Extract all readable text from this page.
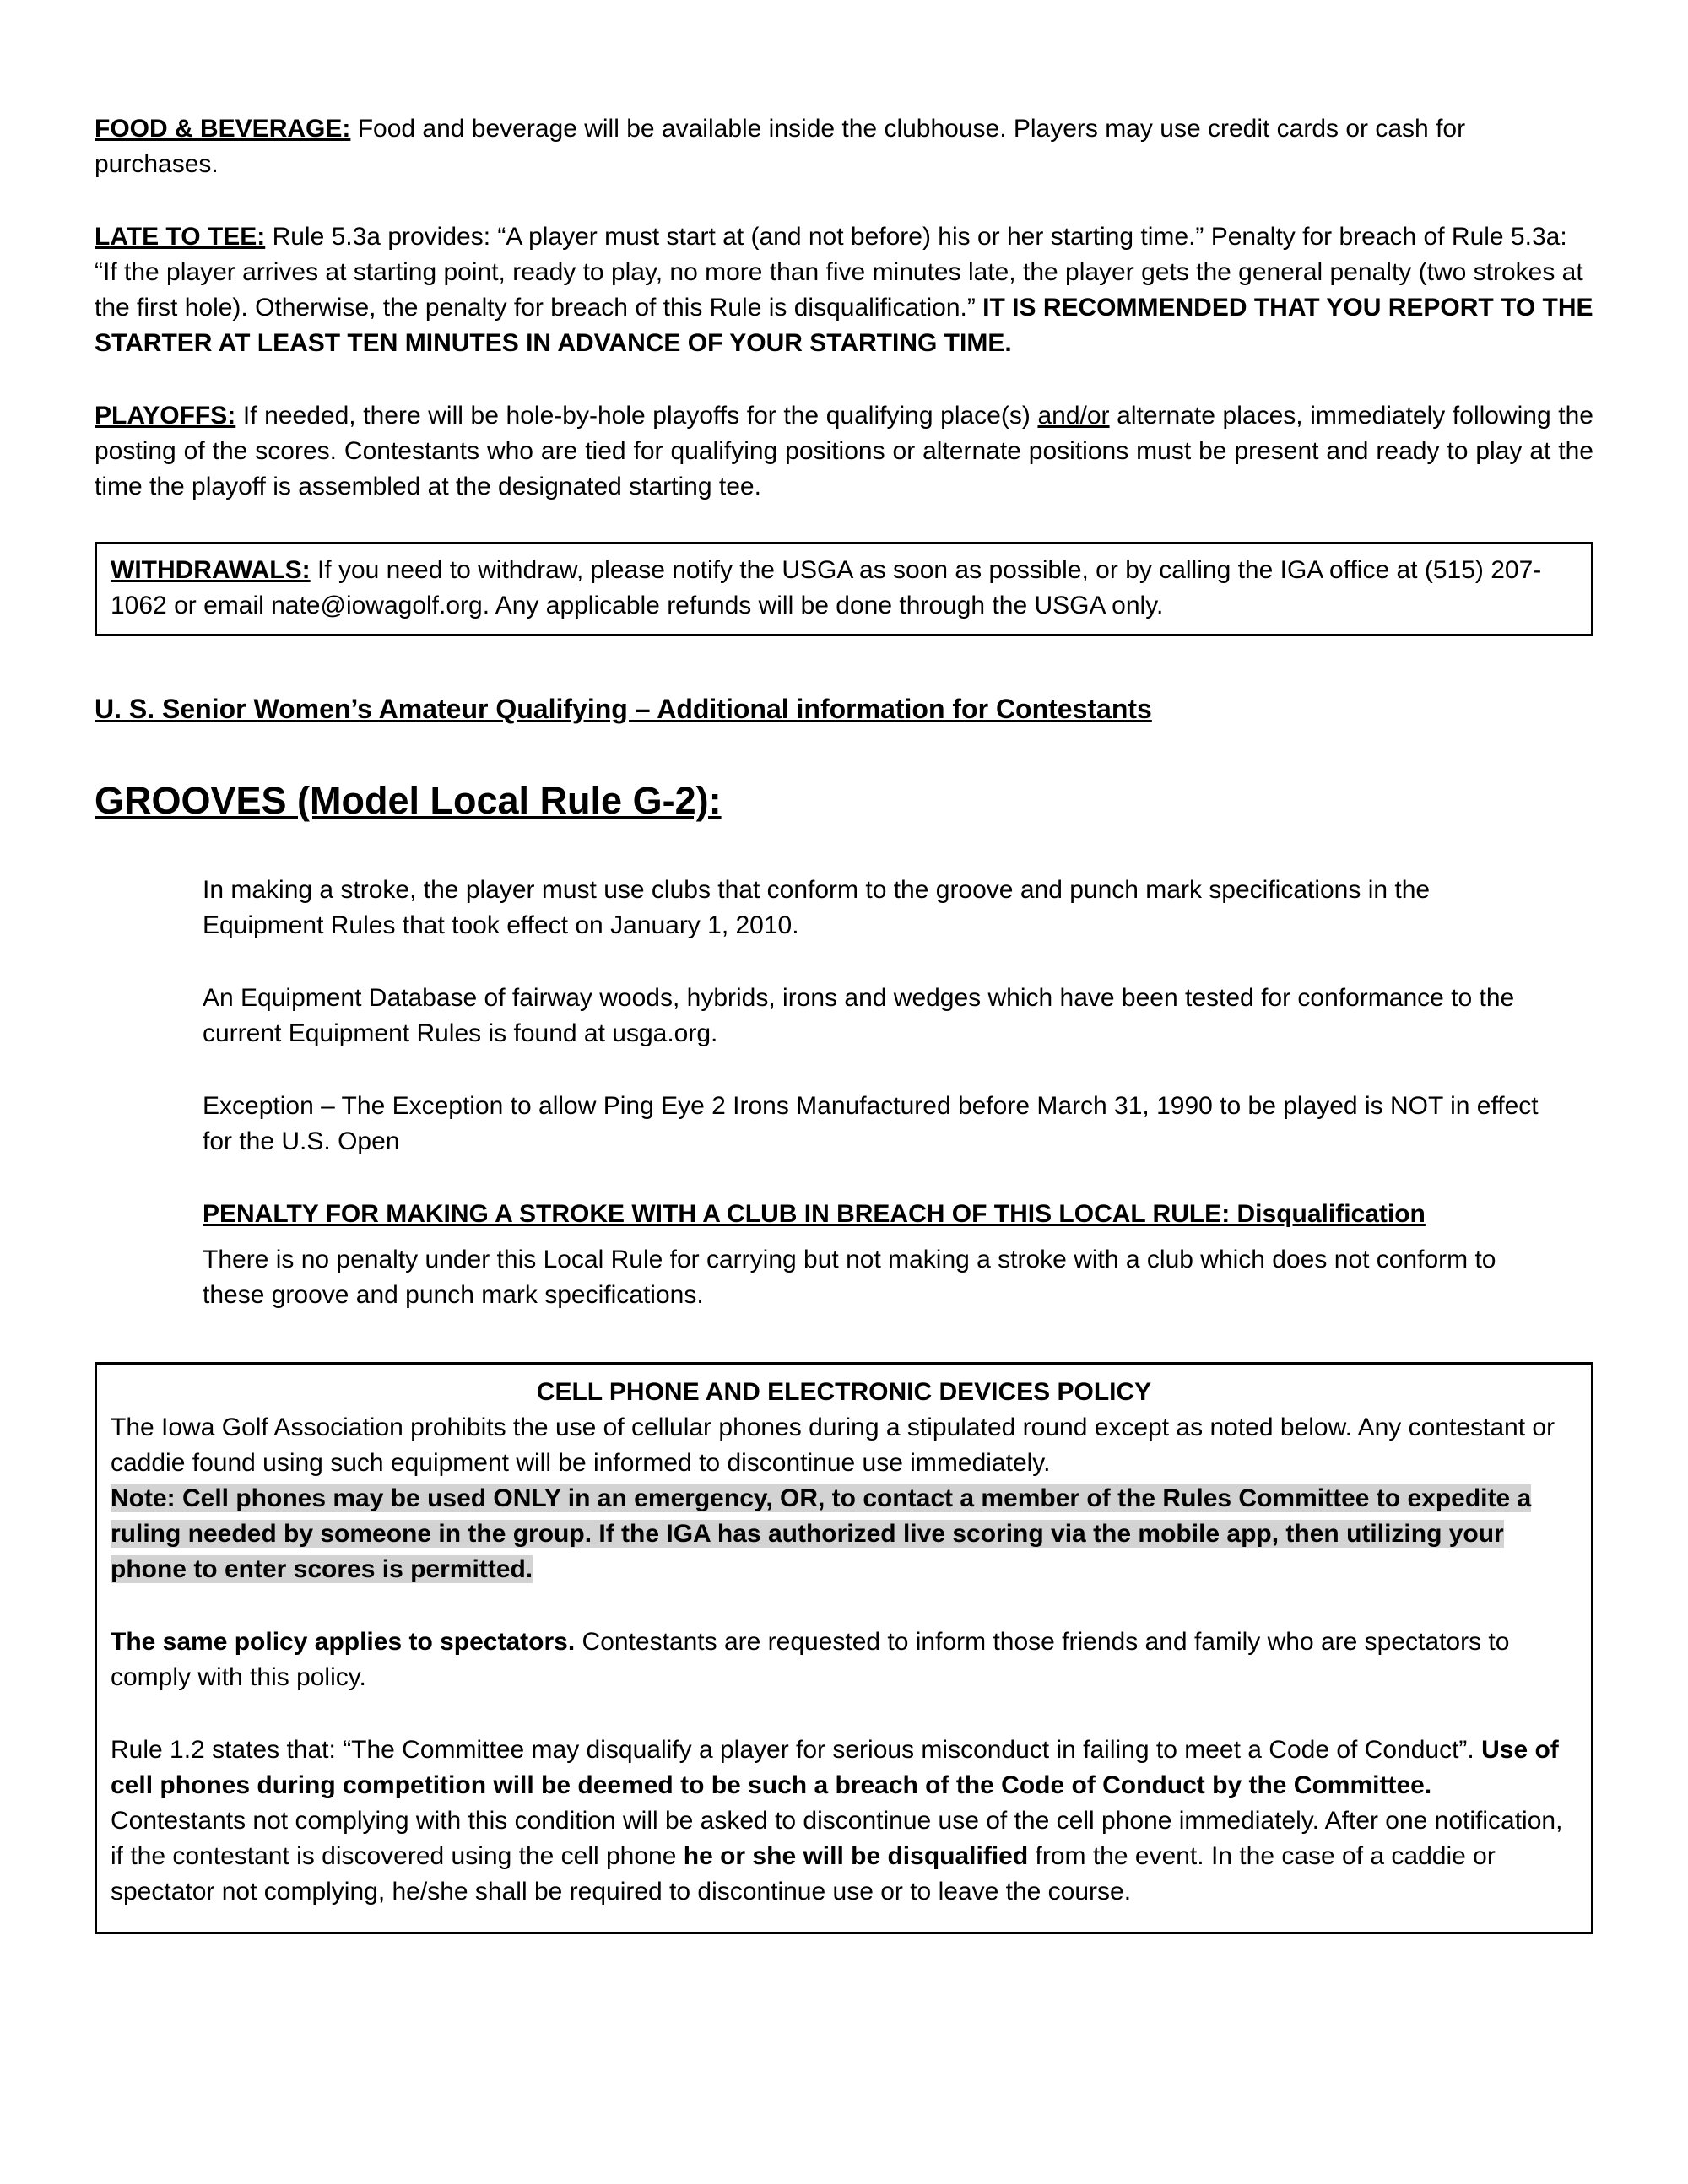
FOOD & BEVERAGE: Food and beverage will be available inside the clubhouse. Players may use credit cards or cash for purchases.

LATE TO TEE: Rule 5.3a provides: “A player must start at (and not before) his or her starting time.” Penalty for breach of Rule 5.3a: “If the player arrives at starting point, ready to play, no more than five minutes late, the player gets the general penalty (two strokes at the first hole). Otherwise, the penalty for breach of this Rule is disqualification.” IT IS RECOMMENDED THAT YOU REPORT TO THE STARTER AT LEAST TEN MINUTES IN ADVANCE OF YOUR STARTING TIME.

PLAYOFFS: If needed, there will be hole-by-hole playoffs for the qualifying place(s) and/or alternate places, immediately following the posting of the scores. Contestants who are tied for qualifying positions or alternate positions must be present and ready to play at the time the playoff is assembled at the designated starting tee.

WITHDRAWALS: If you need to withdraw, please notify the USGA as soon as possible, or by calling the IGA office at (515) 207-1062 or email nate@iowagolf.org. Any applicable refunds will be done through the USGA only.

U. S. Senior Women’s Amateur Qualifying – Additional information for Contestants
GROOVES (Model Local Rule G-2):

In making a stroke, the player must use clubs that conform to the groove and punch mark specifications in the Equipment Rules that took effect on January 1, 2010.

An Equipment Database of fairway woods, hybrids, irons and wedges which have been tested for conformance to the current Equipment Rules is found at usga.org.

Exception – The Exception to allow Ping Eye 2 Irons Manufactured before March 31, 1990 to be played is NOT in effect for the U.S. Open

PENALTY FOR MAKING A STROKE WITH A CLUB IN BREACH OF THIS LOCAL RULE: Disqualification

There is no penalty under this Local Rule for carrying but not making a stroke with a club which does not conform to these groove and punch mark specifications.

CELL PHONE AND ELECTRONIC DEVICES POLICY

The Iowa Golf Association prohibits the use of cellular phones during a stipulated round except as noted below. Any contestant or caddie found using such equipment will be informed to discontinue use immediately.

Note: Cell phones may be used ONLY in an emergency, OR, to contact a member of the Rules Committee to expedite a ruling needed by someone in the group. If the IGA has authorized live scoring via the mobile app, then utilizing your phone to enter scores is permitted.

The same policy applies to spectators. Contestants are requested to inform those friends and family who are spectators to comply with this policy.

Rule 1.2 states that: “The Committee may disqualify a player for serious misconduct in failing to meet a Code of Conduct”. Use of cell phones during competition will be deemed to be such a breach of the Code of Conduct by the Committee.

Contestants not complying with this condition will be asked to discontinue use of the cell phone immediately. After one notification, if the contestant is discovered using the cell phone he or she will be disqualified from the event. In the case of a caddie or spectator not complying, he/she shall be required to discontinue use or to leave the course.
